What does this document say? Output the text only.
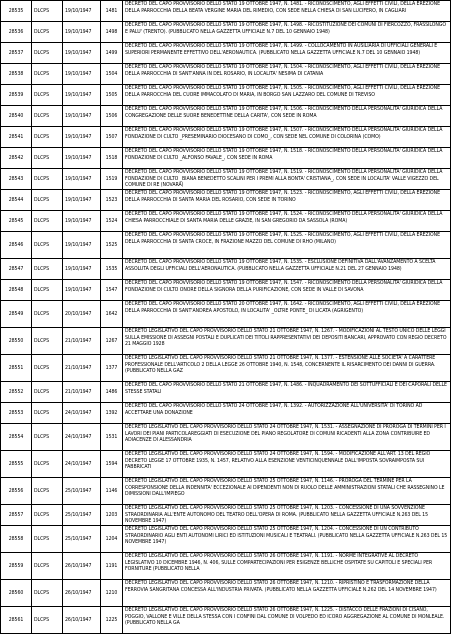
28535	DLCPS	19/10/1947	1481	DECRETO DEL CAPO PROVVISORIO DELLO STATO 19 OTTOBRE 1947, N. 1481. - RICONOSCIMENTO, AGLI EFFETTI CIVILI, DELLA EREZIONE DELLA PARROCCHIA DELLA BEATA VERGINE MARIA DEL RIMEDIO, CON SEDE NELLA CHIESA DI SAN LUCIFERO, IN CAGLIARI
28536	DLCPS	19/10/1947	1498	DECRETO DEL CAPO PROVVISORIO DELLO STATO 19 OTTOBRE 1947, N. 1498. - RICOSTITUZIONE DEI COMUNI DI FIERCOZZO, FRASSILONGO E PALU' (TRENTO). (PUBBLICATO NELLA GAZZETTA UFFICIALE N.7 DEL 10 GENNAIO 1948)
28537	DLCPS	19/10/1947	1499	DECRETO DEL CAPO PROVVISORIO DELLO STATO 19 OTTOBRE 1947, N. 1499. - COLLOCAMENTO IN AUSILIARIA DI UFFICIALI GENERALI E SUPERIORI PERMANENTE EFFETTIVO DELL'AERONAUTICA. (PUBBLICATO NELLA GAZZETTA UFFICIALE N.7 DEL 10 GENNAIO 1948)
28538	DLCPS	19/10/1947	1504	DECRETO DEL CAPO PROVVISORIO DELLO STATO 19 OTTOBRE 1947, N. 1504. - RICONOSCIMENTO, AGLI EFFETTI CIVILI, DELLA EREZIONE DELLA PARROCCHIA DI SANT'ANNA IN DEL ROSARIO, IN LOCALITA' NESIMA DI CATANIA
28539	DLCPS	19/10/1947	1505	DECRETO DEL CAPO PROVVISORIO DELLO STATO 19 OTTOBRE 1947, N. 1505. - RICONOSCIMENTO, AGLI EFFETTI CIVILI, DELLA EREZIONE DELLA PARROCCHIA DEL CUORE IMMACOLATO DI MARIA, IN BORGO SAN LAZZARO DEL COMUNE DI TREVISO
28540	DLCPS	19/10/1947	1506	DECRETO DEL CAPO PROVVISORIO DELLO STATO 19 OTTOBRE 1947, N. 1506. - RICONOSCIMENTO DELLA PERSONALITA' GIURIDICA DELLA CONGREGAZIONE DELLE SUORE BENEDETTINE DELLA CARITA', CON SEDE IN ROMA
28541	DLCPS	19/10/1947	1507	DECRETO DEL CAPO PROVVISORIO DELLO STATO 19 OTTOBRE 1947, N. 1507. - RICONOSCIMENTO DELLA PERSONALITA' GIURIDICA DELLA FONDAZIONE DI CULTO _PRESEMINARIO DIOCESANO DI COMO_, CON SEDE NEL COMUNE DI COLORINA (COMO)
28542	DLCPS	19/10/1947	1518	DECRETO DEL CAPO PROVVISORIO DELLO STATO 19 OTTOBRE 1947, N. 1518. - RICONOSCIMENTO DELLA PERSONALITA' GIURIDICA DELLA FONDAZIONE DI CULTO _ALFONSO FAVALE_, CON SEDE IN ROMA
28543	DLCPS	19/10/1947	1519	DECRETO DEL CAPO PROVVISORIO DELLO STATO 19 OTTOBRE 1947, N. 1519. - RICONOSCIMENTO DELLA PERSONALITA' GIURIDICA DELLA FONDAZIONE DI CULTO _BIANA BENEDETTO SCALINI PER I PREMI ALLA BONTA' CRISTIANA_, CON SEDE IN LOCALITA' VALLE VIGEZZO DEL COMUNE DI RE (NOVARA)
28544	DLCPS	19/10/1947	1523	DECRETO DEL CAPO PROVVISORIO DELLO STATO 19 OTTOBRE 1947, N. 1523. - RICONOSCIMENTO, AGLI EFFETTI CIVILI, DELLA EREZIONE DELLA PARROCCHIA DI SANTA MARIA DEL ROSARIO, CON SEDE IN TORINO
28545	DLCPS	19/10/1947	1524	DECRETO DEL CAPO PROVVISORIO DELLO STATO 19 OTTOBRE 1947, N. 1524. - RICONOSCIMENTO DELLA PERSONALITA' GIURIDICA DELLA CHIESA PARROCCHIALE DI SANTA MARIA DELLE GRAZIE, IN SAN GREGORIO DA SASSOLA (ROMA)
28546	DLCPS	19/10/1947	1525	DECRETO DEL CAPO PROVVISORIO DELLO STATO 19 OTTOBRE 1947, N. 1525. - RICONOSCIMENTO, AGLI EFFETTI CIVILI, DELLA EREZIONE DELLA PARROCCHIA DI SANTA CROCE, IN FRAZIONE MAZZO DEL COMUNE DI RHO (MILANO)
28547	DLCPS	19/10/1947	1535	DECRETO DEL CAPO PROVVISORIO DELLO STATO 19 OTTOBRE 1947, N. 1535. - ESCLUSIONE DEFINITIVA DALL'AVANZAMENTO A SCELTA ASSOLUTA DEGLI UFFICIALI DELL'AERONAUTICA. (PUBBLICATO NELLA GAZZETTA UFFICIALE N.21 DEL 27 GENNAIO 1948)
28548	DLCPS	19/10/1947	1547	DECRETO DEL CAPO PROVVISORIO DELLO STATO 19 OTTOBRE 1947, N. 1547. - RICONOSCIMENTO DELLA PERSONALITA' GIURIDICA DELLA FONDAZIONE DI CULTO ONORE DELLA SIGNORA DELLA PURIFICAZIONE, CON SEDE IN VALLE DI SAVONA
28549	DLCPS	20/10/1947	1642	DECRETO DEL CAPO PROVVISORIO DELLO STATO 20 OTTOBRE 1947, N. 1642. - RICONOSCIMENTO, AGLI EFFETTI CIVILI, DELLA EREZIONE DELLA PARROCCHIA DI SANT'ANDREA APOSTOLO, IN LOCALITA' _OLTRE PONTE_ DI LICATA (AGRIGENTO)
28550	DLCPS	21/10/1947	1267	DECRETO LEGISLATIVO DEL CAPO PROVVISORIO DELLO STATO 21 OTTOBRE 1947, N. 1267. - MODIFICAZIONI AL TESTO UNICO DELLE LEGGI SULLA EMISSIONE DI ASSEGNI POSTALI E DUPLICATI DEI TITOLI RAPPRESENTATIVI DEI DEPOSITI BANCARI, APPROVATO CON REGIO DECRETO 21 MAGGIO 1928
28551	DLCPS	21/10/1947	1377	DECRETO LEGISLATIVO DEL CAPO PROVVISORIO DELLO STATO 21 OTTOBRE 1947, N. 1377. - ESTENSIONE ALLE SOCIETA' A CARATTERE PROFESSIONALE DELL'ARTICOLO 2 DELLA LEGGE 26 OTTOBRE 1940, N. 1548, CONCERNENTE IL RISARCIMENTO DEI DANNI DI GUERRA. (PUBBLICATO NELLA GAZ
28552	DLCPS	21/10/1947	1486	DECRETO DEL CAPO PROVVISORIO DELLO STATO 21 OTTOBRE 1947, N. 1486. - INQUADRAMENTO DEI SOTTUFFICIALI E DEI CAPORALI DELLE STESSE STATALI
28553	DLCPS	24/10/1947	1392	DECRETO DEL CAPO PROVVISORIO DELLO STATO 24 OTTOBRE 1947, N. 1392. - AUTORIZZAZIONE ALL'UNIVERSITA' DI TORINO AD ACCETTARE UNA DONAZIONE
28554	DLCPS	24/10/1947	1531	DECRETO LEGISLATIVO DEL CAPO PROVVISORIO DELLO STATO 24 OTTOBRE 1947, N. 1531. - ASSEGNAZIONE DI PROROGA DI TERMINI PER I LAVORI DEI PIANI PARTICOLAREGGIATI DI ESECUZIONE DEL PIANO REGOLATORE DI COMUNI RICADENTI ALLA ZONA CONTRIBUIRE ED ADIACENZE DI ALESSANDRIA
28555	DLCPS	24/10/1947	1594	DECRETO LEGISLATIVO DEL CAPO PROVVISORIO DELLO STATO 24 OTTOBRE 1947, N. 1594. - MODIFICAZIONE ALL'ART. 13 DEL REGIO DECRETO LEGGE 17 OTTOBRE 1935, N. 1457, RELATIVO ALLA ESENZIONE VENTICINQUENNALE DALL'IMPOSTA SOVRAIMPOSTA SUI FABBRICATI
28556	DLCPS	25/10/1947	1146	DECRETO LEGISLATIVO DEL CAPO PROVVISORIO DELLO STATO 25 OTTOBRE 1947, N. 1146. - PROROGA DEL TERMINE PER LA CORRESPONSIONE DELLA INDENNITA' ECCEZIONALE AI DIPENDENTI NON DI RUOLO DELLE AMMINISTRAZIONI STATALI CHE RASSEGNINO LE DIMISSIONI DALL'IMPIEGO
28557	DLCPS	25/10/1947	1203	DECRETO LEGISLATIVO DEL CAPO PROVVISORIO DELLO STATO 25 OTTOBRE 1947, N. 1203. - CONCESSIONE DI UNA SOVVENZIONE STRAORDINARIA ALL'ENTE AUTONOMO DEL TEATRO DELL'OPERA DI ROMA. (PUBBLICATO NELLA GAZZETTA UFFICIALE N.263 DEL 15 NOVEMBRE 1947)
28558	DLCPS	25/10/1947	1204	DECRETO LEGISLATIVO DEL CAPO PROVVISORIO DELLO STATO 25 OTTOBRE 1947, N. 1204. - CONCESSIONE DI UN CONTRIBUTO STRAORDINARIO AGLI ENTI AUTONOMI LIRICI ED ISTITUZIONI MUSICALI E TEATRALI. (PUBBLICATO NELLA GAZZETTA UFFICIALE N.263 DEL 15 NOVEMBRE 1947)
28559	DLCPS	26/10/1947	1191	DECRETO LEGISLATIVO DEL CAPO PROVVISORIO DELLO STATO 26 OTTOBRE 1947, N. 1191. - NORME INTEGRATIVE AL DECRETO LEGISLATIVO 10 DICEMBRE 1946, N. 406, SULLE COMPARTECIPAZIONI PER ESIGENZE BELLICHE OSPITATE SU CAPITOLI E SPECIALI PER FORNITURE (PUBBLICATO NELLA
28560	DLCPS	26/10/1947	1210	DECRETO LEGISLATIVO DEL CAPO PROVVISORIO DELLO STATO 26 OTTOBRE 1947, N. 1210. - RIPRISTINO E TRASFORMAZIONE DELLA FERROVIA SANGRITANA CONCESSA ALL'INDUSTRIA PRIVATA. (PUBBLICATO NELLA GAZZETTA UFFICIALE N.262 DEL 14 NOVEMBRE 1947)
28561	DLCPS	26/10/1947	1225	DECRETO LEGISLATIVO DEL CAPO PROVVISORIO DELLO STATO 26 OTTOBRE 1947, N. 1225. - DISTACCO DELLE FRAZIONI DI CISANO, POGGIO, VALLONE E VILLE DELLA STESSA CON I CONFINI DAL COMUNE DI VOLPEDO ED ICORO AGGREGAZIONE AL COMUNE DI MONLEALE. (PUBBLICATO NELLA GA
